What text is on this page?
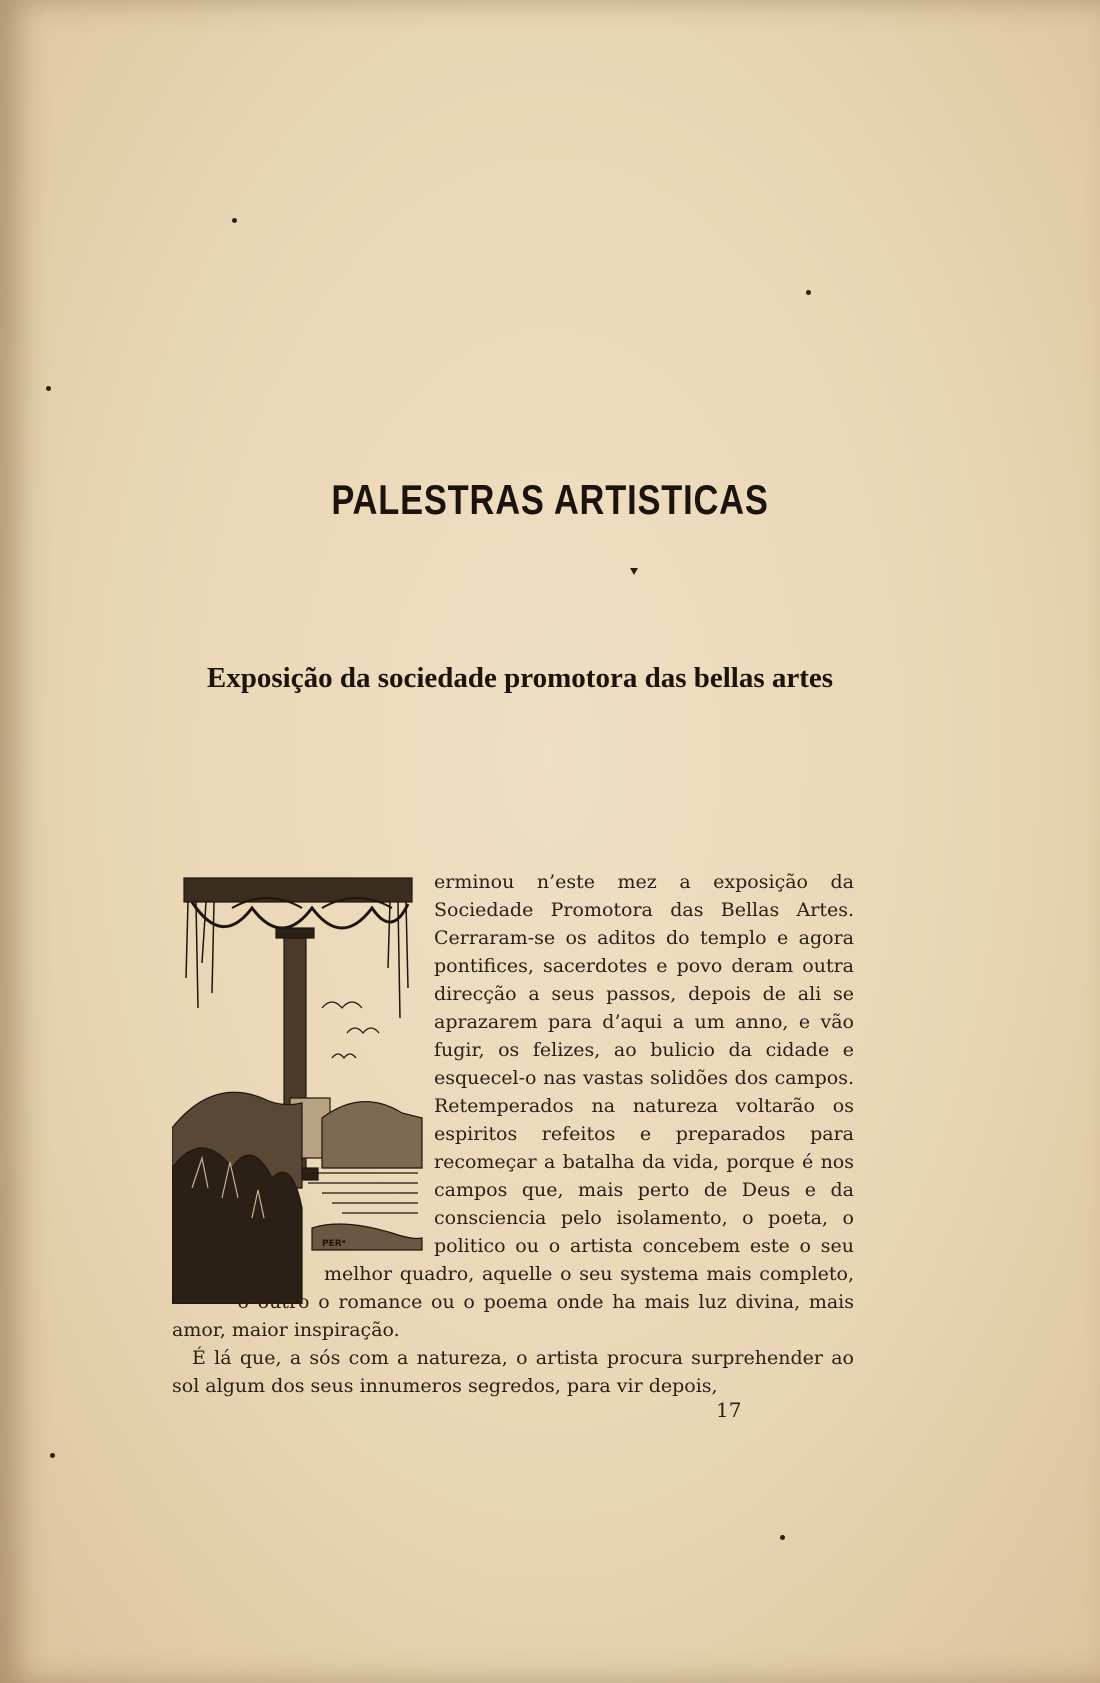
PALESTRAS ARTISTICAS
Exposição da sociedade promotora das bellas artes
PERᵃ

erminou n’este mez a exposição da Sociedade Promotora das Bellas Artes. Cerraram-se os aditos do templo e agora pontifices, sacerdotes e povo deram outra direcção a seus passos, depois de ali se aprazarem para d’aqui a um anno, e vão fugir, os felizes, ao bulicio da cidade e esquecel-o nas vastas solidões dos campos. Retemperados na natureza voltarão os espiritos refeitos e preparados para recomeçar a batalha da vida, porque é nos campos que, mais perto de Deus e da consciencia pelo isolamento, o poeta, o politico ou o artista concebem este o seu melhor quadro, aquelle o seu systema mais completo, o outro o romance ou o poema onde ha mais luz divina, mais amor, maior inspiração.

É lá que, a sós com a natureza, o artista procura surprehender ao sol algum dos seus innumeros segredos, para vir depois,

17
